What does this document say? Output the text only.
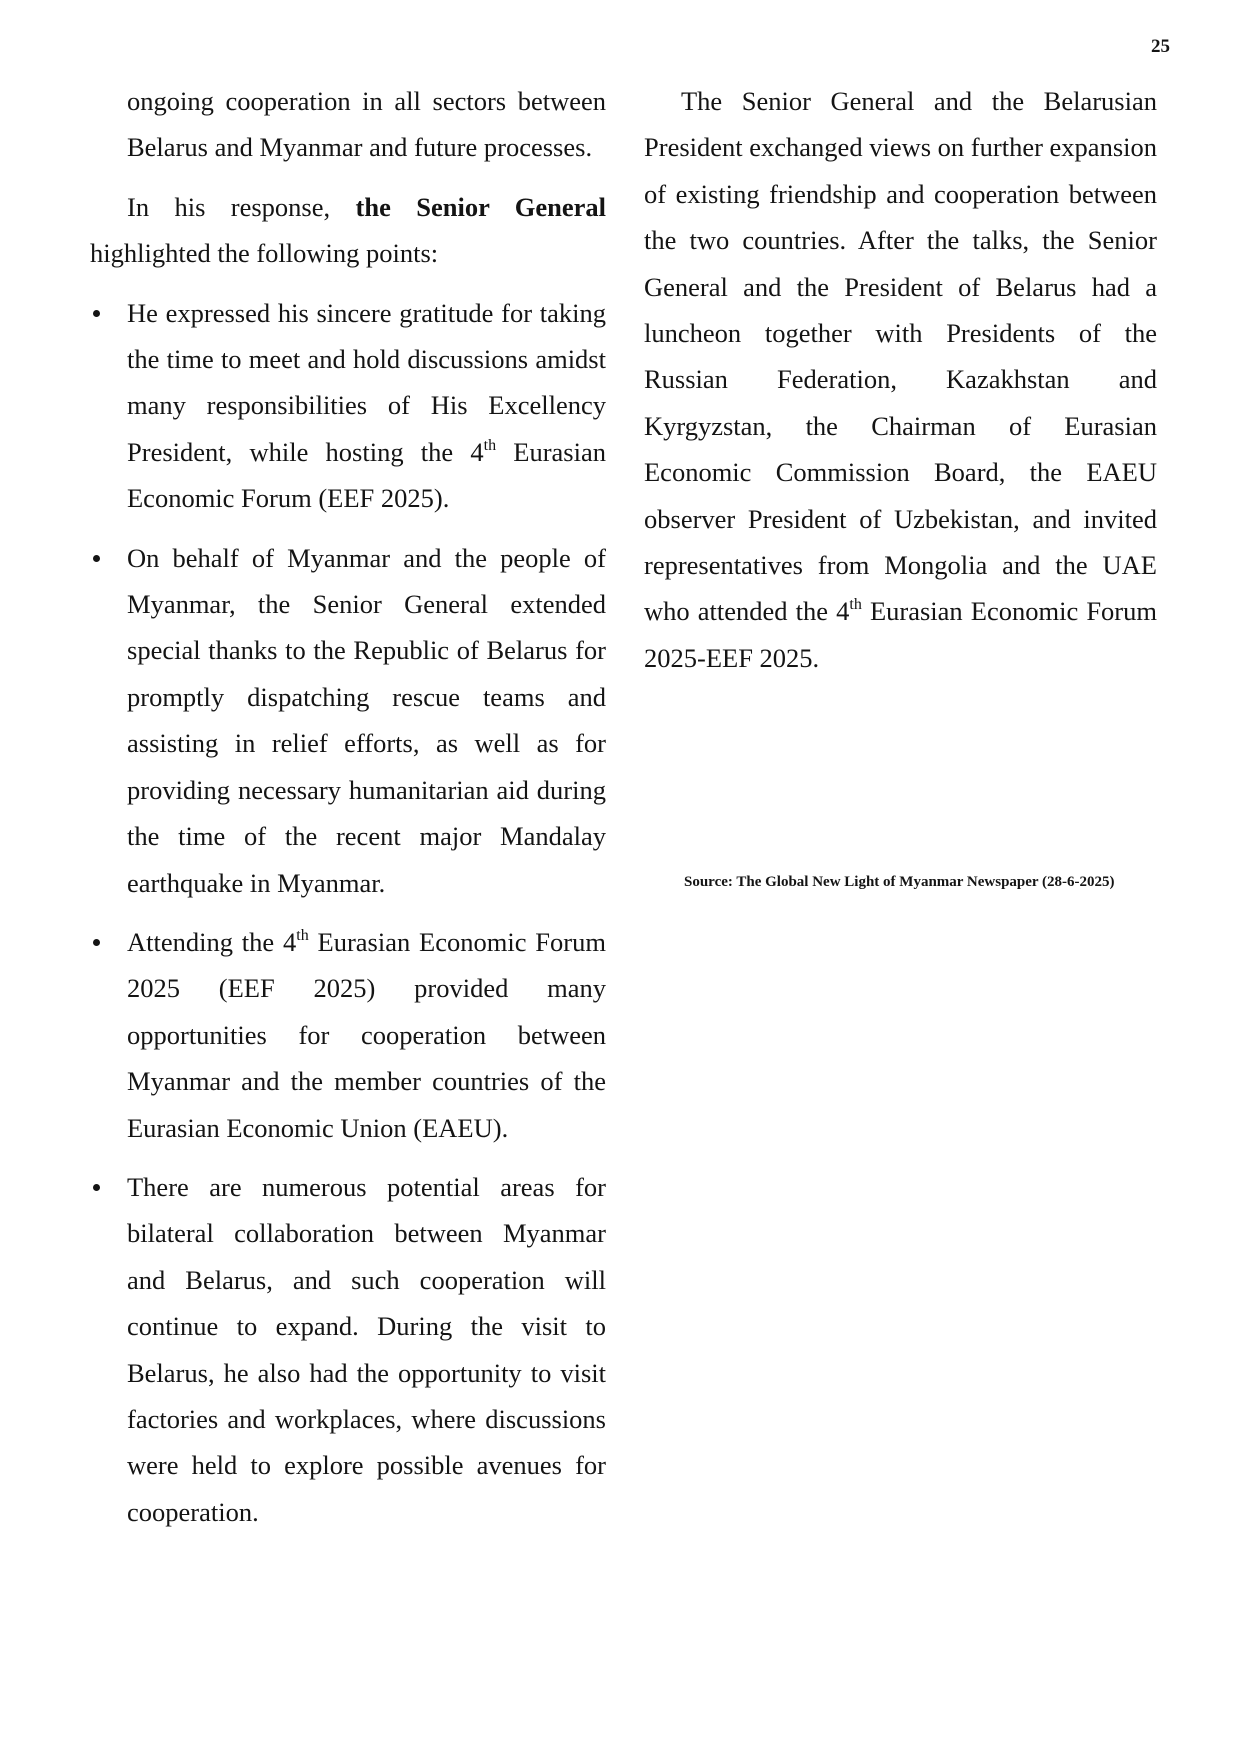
25

ongoing cooperation in all sectors between Belarus and Myanmar and future processes.

In his response, the Senior General highlighted the following points:

He expressed his sincere gratitude for taking the time to meet and hold discussions amidst many responsibilities of His Excellency President, while hosting the 4th Eurasian Economic Forum (EEF 2025).
On behalf of Myanmar and the people of Myanmar, the Senior General extended special thanks to the Republic of Belarus for promptly dispatching rescue teams and assisting in relief efforts, as well as for providing necessary humanitarian aid during the time of the recent major Mandalay earthquake in Myanmar.
Attending the 4th Eurasian Economic Forum 2025 (EEF 2025) provided many opportunities for cooperation between Myanmar and the member countries of the Eurasian Economic Union (EAEU).
There are numerous potential areas for bilateral collaboration between Myanmar and Belarus, and such cooperation will continue to expand. During the visit to Belarus, he also had the opportunity to visit factories and workplaces, where discussions were held to explore possible avenues for cooperation.

The Senior General and the Belarusian President exchanged views on further expansion of existing friendship and cooperation between the two countries. After the talks, the Senior General and the President of Belarus had a luncheon together with Presidents of the Russian Federation, Kazakhstan and Kyrgyzstan, the Chairman of Eurasian Economic Commission Board, the EAEU observer President of Uzbekistan, and invited representatives from Mongolia and the UAE who attended the 4th Eurasian Economic Forum 2025-EEF 2025.

Source: The Global New Light of Myanmar Newspaper (28-6-2025)
